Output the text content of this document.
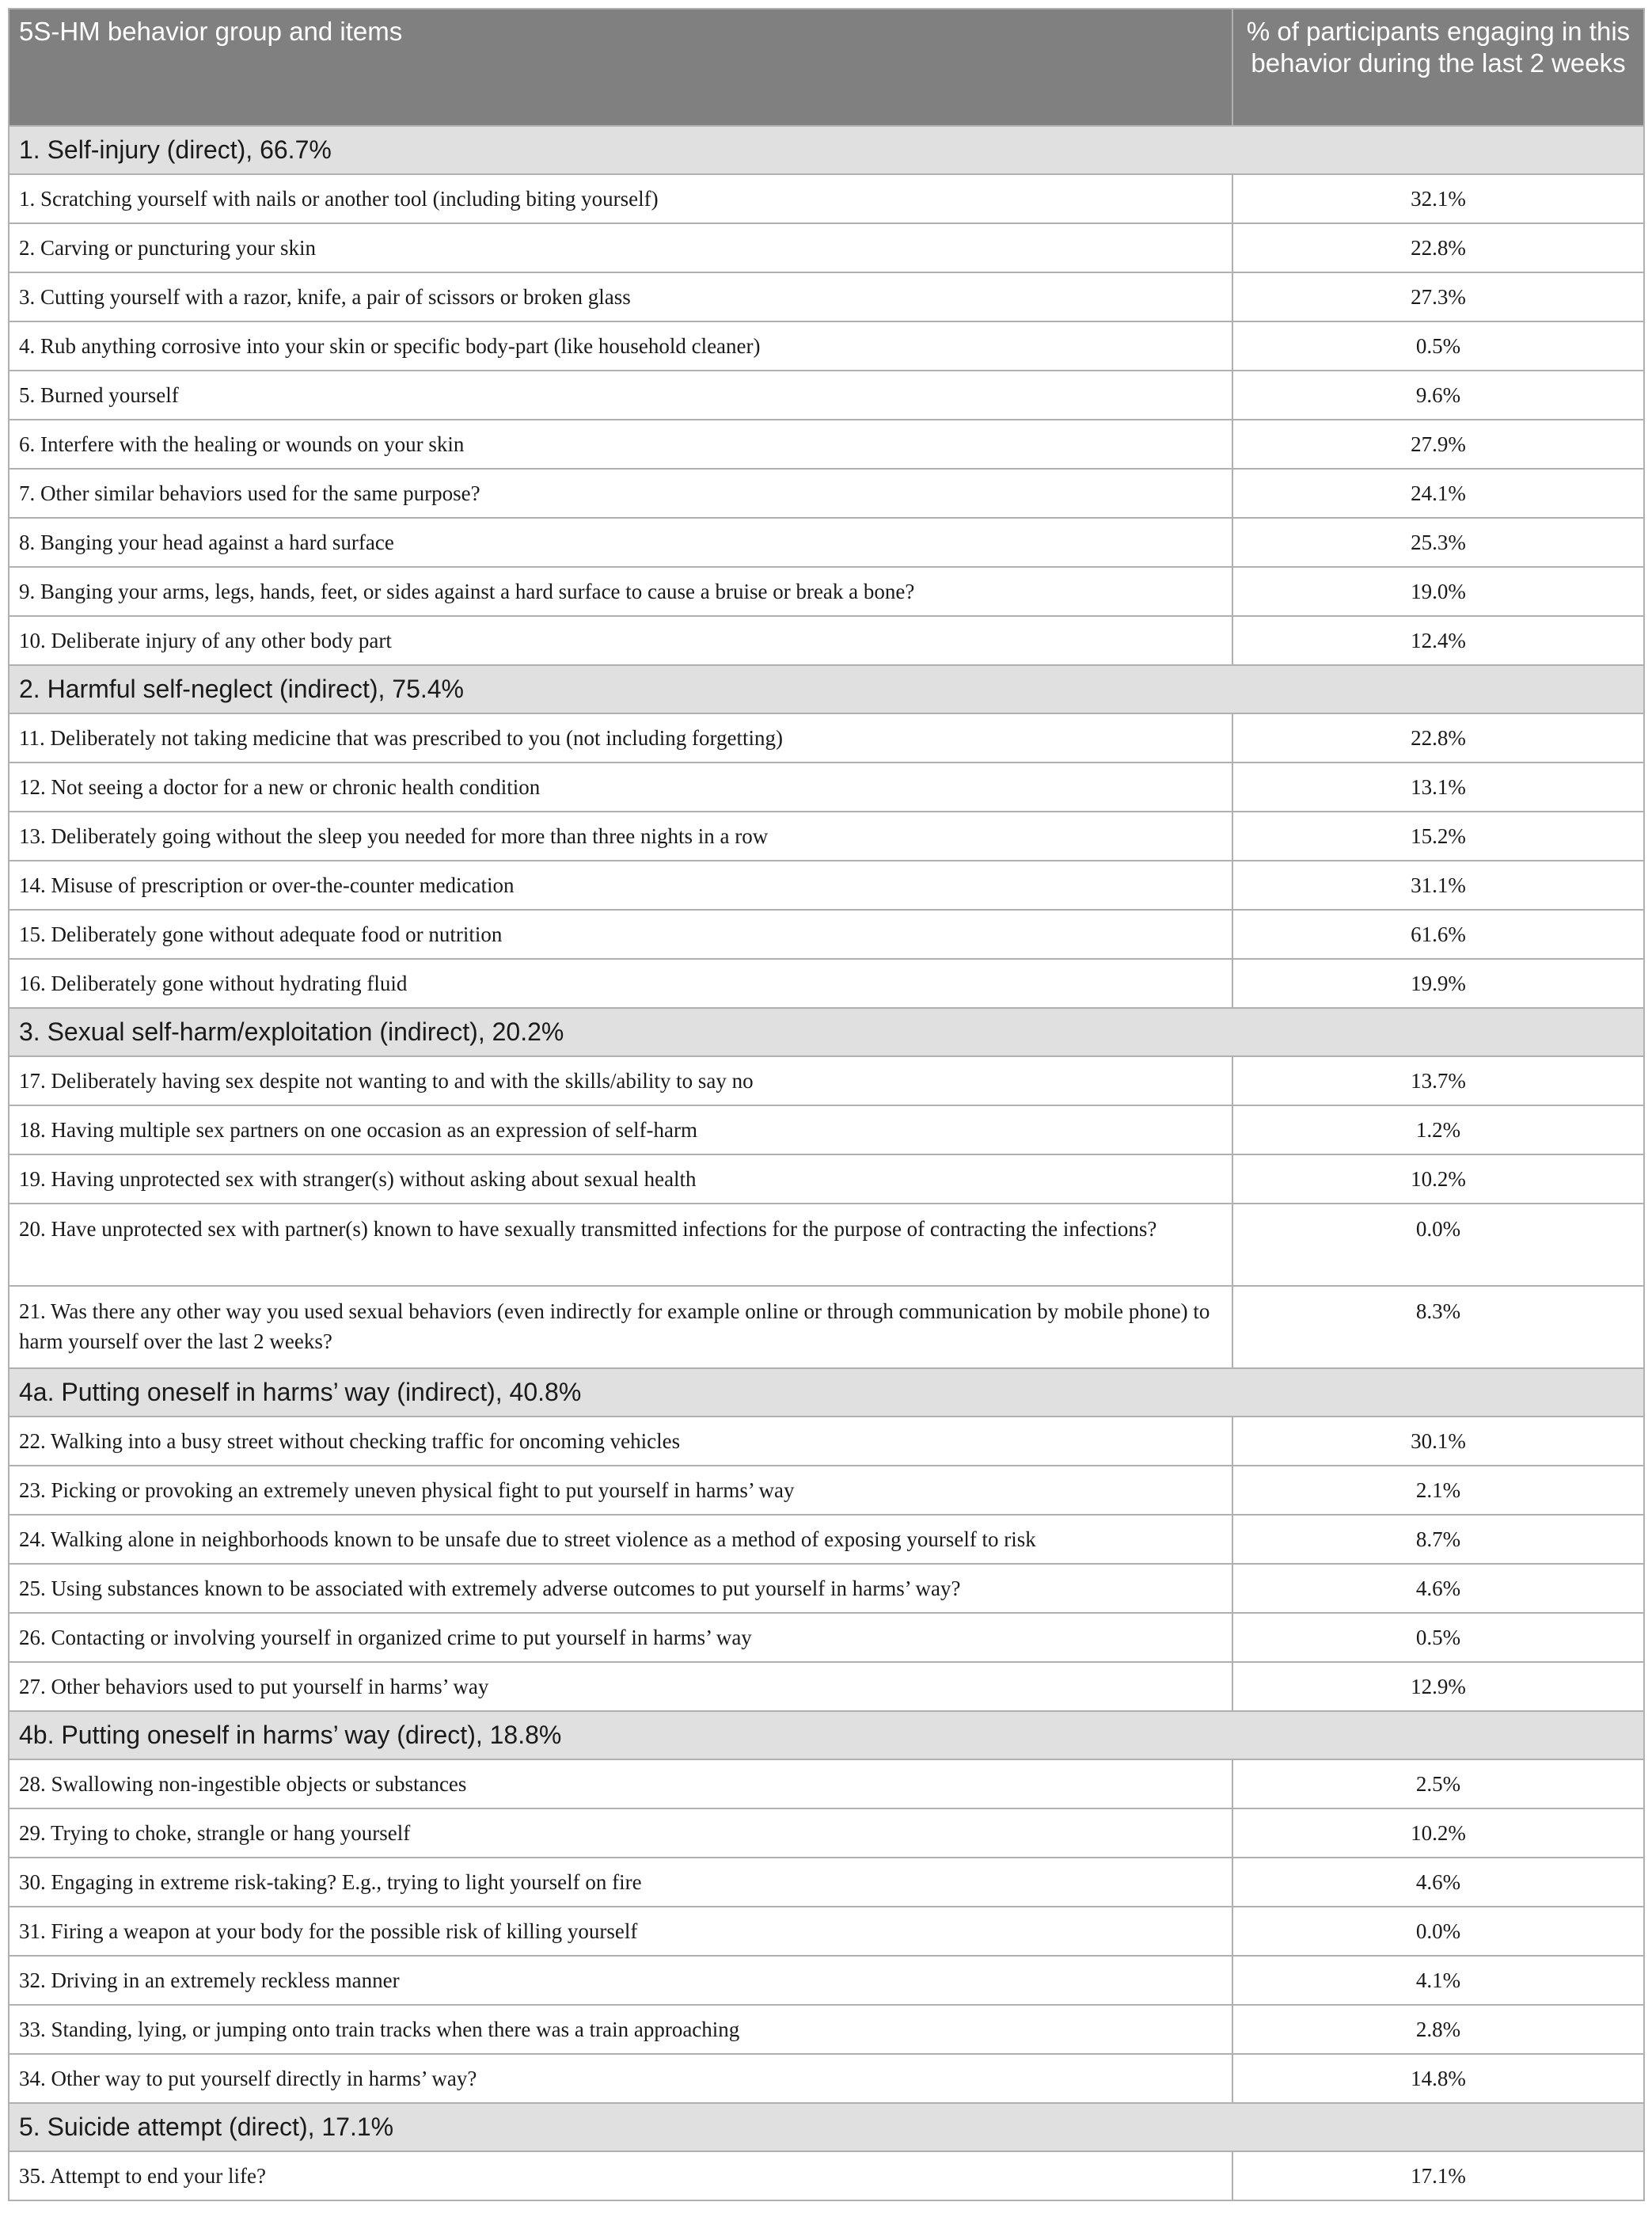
5S-HM behavior group and items	% of participants engaging in this behavior during the last 2 weeks
1. Self-injury (direct), 66.7%	
1. Scratching yourself with nails or another tool (including biting yourself)	32.1%
2. Carving or puncturing your skin	22.8%
3. Cutting yourself with a razor, knife, a pair of scissors or broken glass	27.3%
4. Rub anything corrosive into your skin or specific body-part (like household cleaner)	0.5%
5. Burned yourself	9.6%
6. Interfere with the healing or wounds on your skin	27.9%
7. Other similar behaviors used for the same purpose?	24.1%
8. Banging your head against a hard surface	25.3%
9. Banging your arms, legs, hands, feet, or sides against a hard surface to cause a bruise or break a bone?	19.0%
10. Deliberate injury of any other body part	12.4%
2. Harmful self-neglect (indirect), 75.4%	
11. Deliberately not taking medicine that was prescribed to you (not including forgetting)	22.8%
12. Not seeing a doctor for a new or chronic health condition	13.1%
13. Deliberately going without the sleep you needed for more than three nights in a row	15.2%
14. Misuse of prescription or over-the-counter medication	31.1%
15. Deliberately gone without adequate food or nutrition	61.6%
16. Deliberately gone without hydrating fluid	19.9%
3. Sexual self-harm/exploitation (indirect), 20.2%	
17. Deliberately having sex despite not wanting to and with the skills/ability to say no	13.7%
18. Having multiple sex partners on one occasion as an expression of self-harm	1.2%
19. Having unprotected sex with stranger(s) without asking about sexual health	10.2%
20. Have unprotected sex with partner(s) known to have sexually transmitted infections for the purpose of contracting the infections?	0.0%
21. Was there any other way you used sexual behaviors (even indirectly for example online or through communication by mobile phone) to harm yourself over the last 2 weeks?	8.3%
4a. Putting oneself in harms’ way (indirect), 40.8%	
22. Walking into a busy street without checking traffic for oncoming vehicles	30.1%
23. Picking or provoking an extremely uneven physical fight to put yourself in harms’ way	2.1%
24. Walking alone in neighborhoods known to be unsafe due to street violence as a method of exposing yourself to risk	8.7%
25. Using substances known to be associated with extremely adverse outcomes to put yourself in harms’ way?	4.6%
26. Contacting or involving yourself in organized crime to put yourself in harms’ way	0.5%
27. Other behaviors used to put yourself in harms’ way	12.9%
4b. Putting oneself in harms’ way (direct), 18.8%	
28. Swallowing non-ingestible objects or substances	2.5%
29. Trying to choke, strangle or hang yourself	10.2%
30. Engaging in extreme risk-taking? E.g., trying to light yourself on fire	4.6%
31. Firing a weapon at your body for the possible risk of killing yourself	0.0%
32. Driving in an extremely reckless manner	4.1%
33. Standing, lying, or jumping onto train tracks when there was a train approaching	2.8%
34. Other way to put yourself directly in harms’ way?	14.8%
5. Suicide attempt (direct), 17.1%	
35. Attempt to end your life?	17.1%
